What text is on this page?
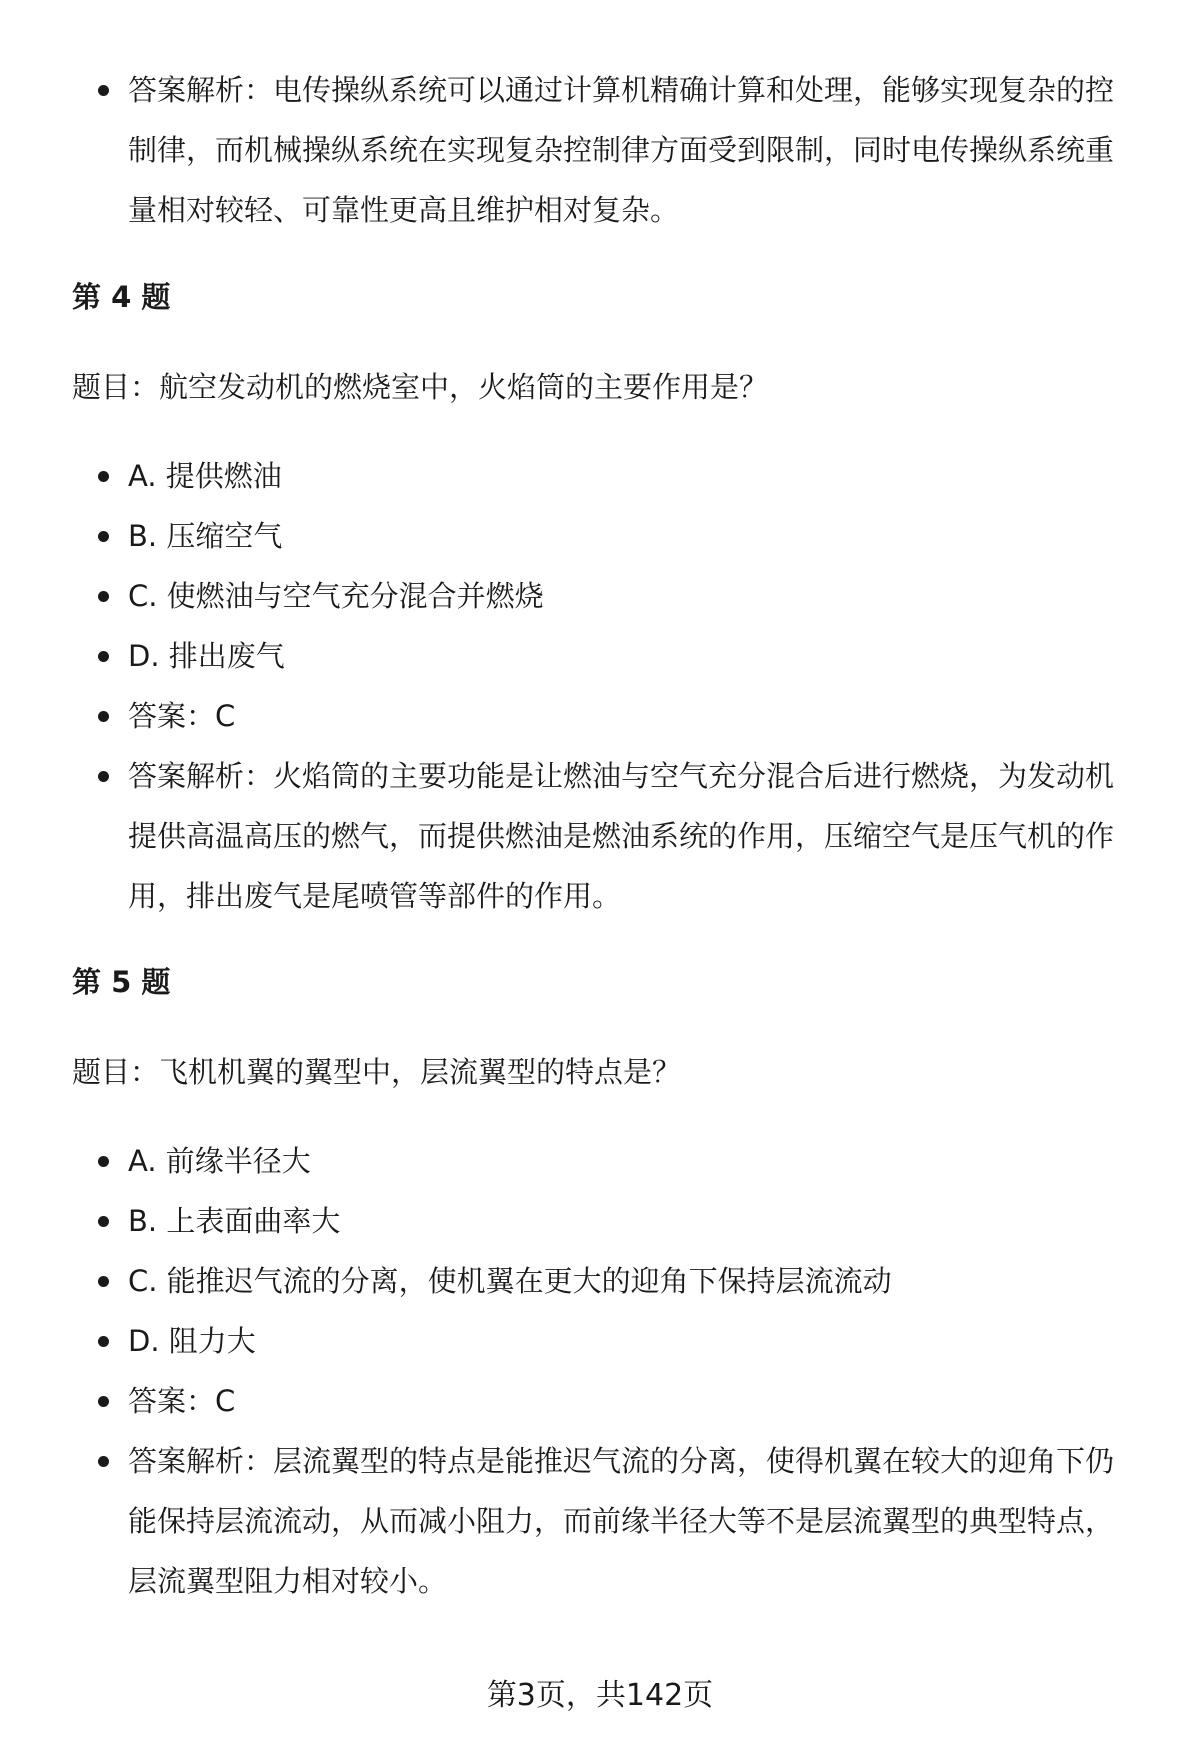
答案解析：电传操纵系统可以通过计算机精确计算和处理，能够实现复杂的控制律，而机械操纵系统在实现复杂控制律方面受到限制，同时电传操纵系统重量相对较轻、可靠性更高且维护相对复杂。
第 4 题

题目：航空发动机的燃烧室中，火焰筒的主要作用是？

A. 提供燃油
B. 压缩空气
C. 使燃油与空气充分混合并燃烧
D. 排出废气
答案：C
答案解析：火焰筒的主要功能是让燃油与空气充分混合后进行燃烧，为发动机提供高温高压的燃气，而提供燃油是燃油系统的作用，压缩空气是压气机的作用，排出废气是尾喷管等部件的作用。
第 5 题

题目：飞机机翼的翼型中，层流翼型的特点是？

A. 前缘半径大
B. 上表面曲率大
C. 能推迟气流的分离，使机翼在更大的迎角下保持层流流动
D. 阻力大
答案：C
答案解析：层流翼型的特点是能推迟气流的分离，使得机翼在较大的迎角下仍能保持层流流动，从而减小阻力，而前缘半径大等不是层流翼型的典型特点，层流翼型阻力相对较小。
第3页，共142页
